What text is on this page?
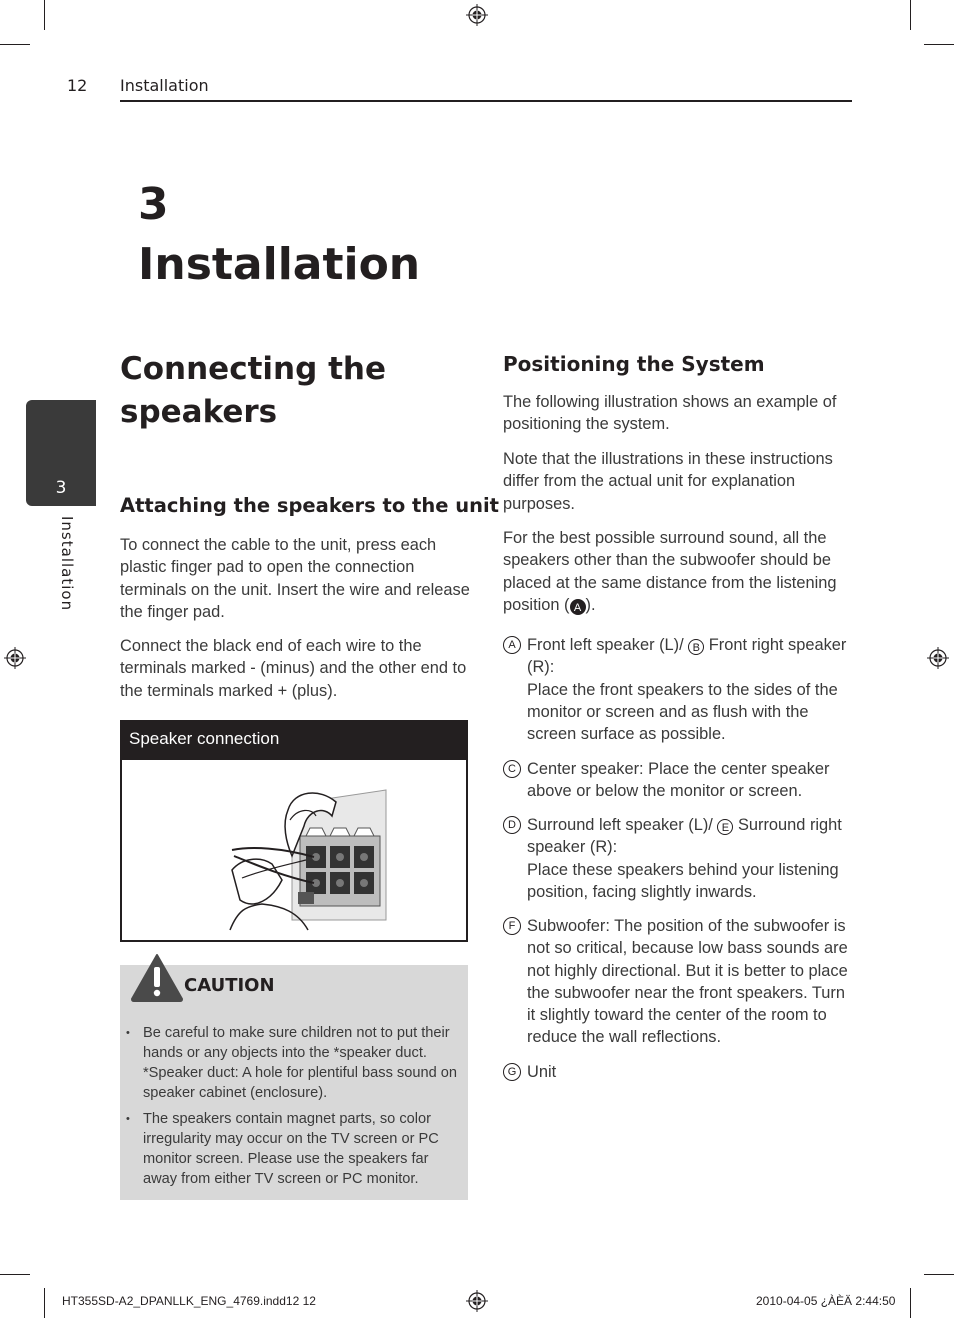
12 Installation
3
Installation
3
Installation
Connecting the speakers
Attaching the speakers to the unit
To connect the cable to the unit, press each plastic finger pad to open the connection terminals on the unit. Insert the wire and release the finger pad.
Connect the black end of each wire to the terminals marked - (minus) and the other end to the terminals marked + (plus).
Speaker connection
CAUTION
• Be careful to make sure children not to put their hands or any objects into the *speaker duct. *Speaker duct: A hole for plentiful bass sound on speaker cabinet (enclosure).
• The speakers contain magnet parts, so color irregularity may occur on the TV screen or PC monitor screen. Please use the speakers far away from either TV screen or PC monitor.
Positioning the System
The following illustration shows an example of positioning the system.
Note that the illustrations in these instructions differ from the actual unit for explanation purposes.
For the best possible surround sound, all the speakers other than the subwoofer should be placed at the same distance from the listening position ( A ).
A Front left speaker (L)/ B Front right speaker (R):
Place the front speakers to the sides of the monitor or screen and as flush with the screen surface as possible.
C Center speaker: Place the center speaker above or below the monitor or screen.
D Surround left speaker (L)/ E Surround right speaker (R):
Place these speakers behind your listening position, facing slightly inwards.
F Subwoofer: The position of the subwoofer is not so critical, because low bass sounds are not highly directional. But it is better to place the subwoofer near the front speakers. Turn it slightly toward the center of the room to reduce the wall reflections.
G Unit
HT355SD-A2_DPANLLK_ENG_4769.indd12 12	2010-04-05 ¿ÀÈÄ 2:44:50
